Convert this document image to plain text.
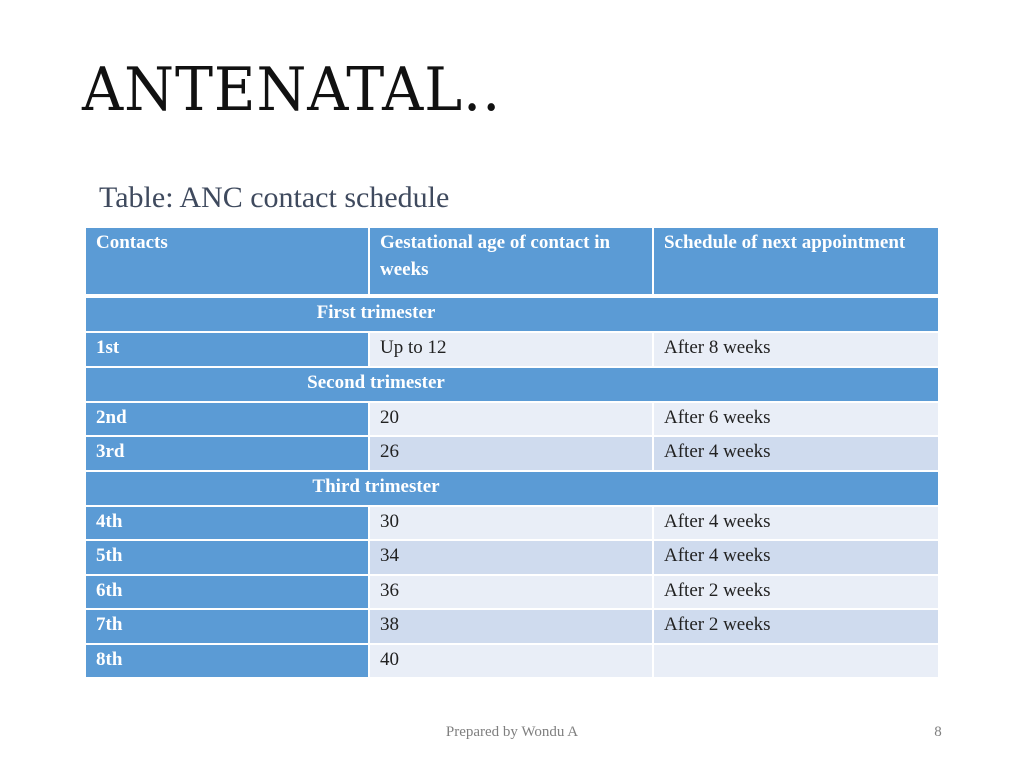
ANTENATAL..

Table: ANC contact schedule

Contacts	Gestational age of contact in weeks	Schedule of next appointment

First trimester		

1st	Up to 12	After 8 weeks

Second trimester		

2nd	20	After 6 weeks
3rd	26	After 4 weeks

Third trimester		

4th	30	After 4 weeks
5th	34	After 4 weeks
6th	36	After 2 weeks
7th	38	After 2 weeks
8th	40	
Prepared by Wondu A	8
